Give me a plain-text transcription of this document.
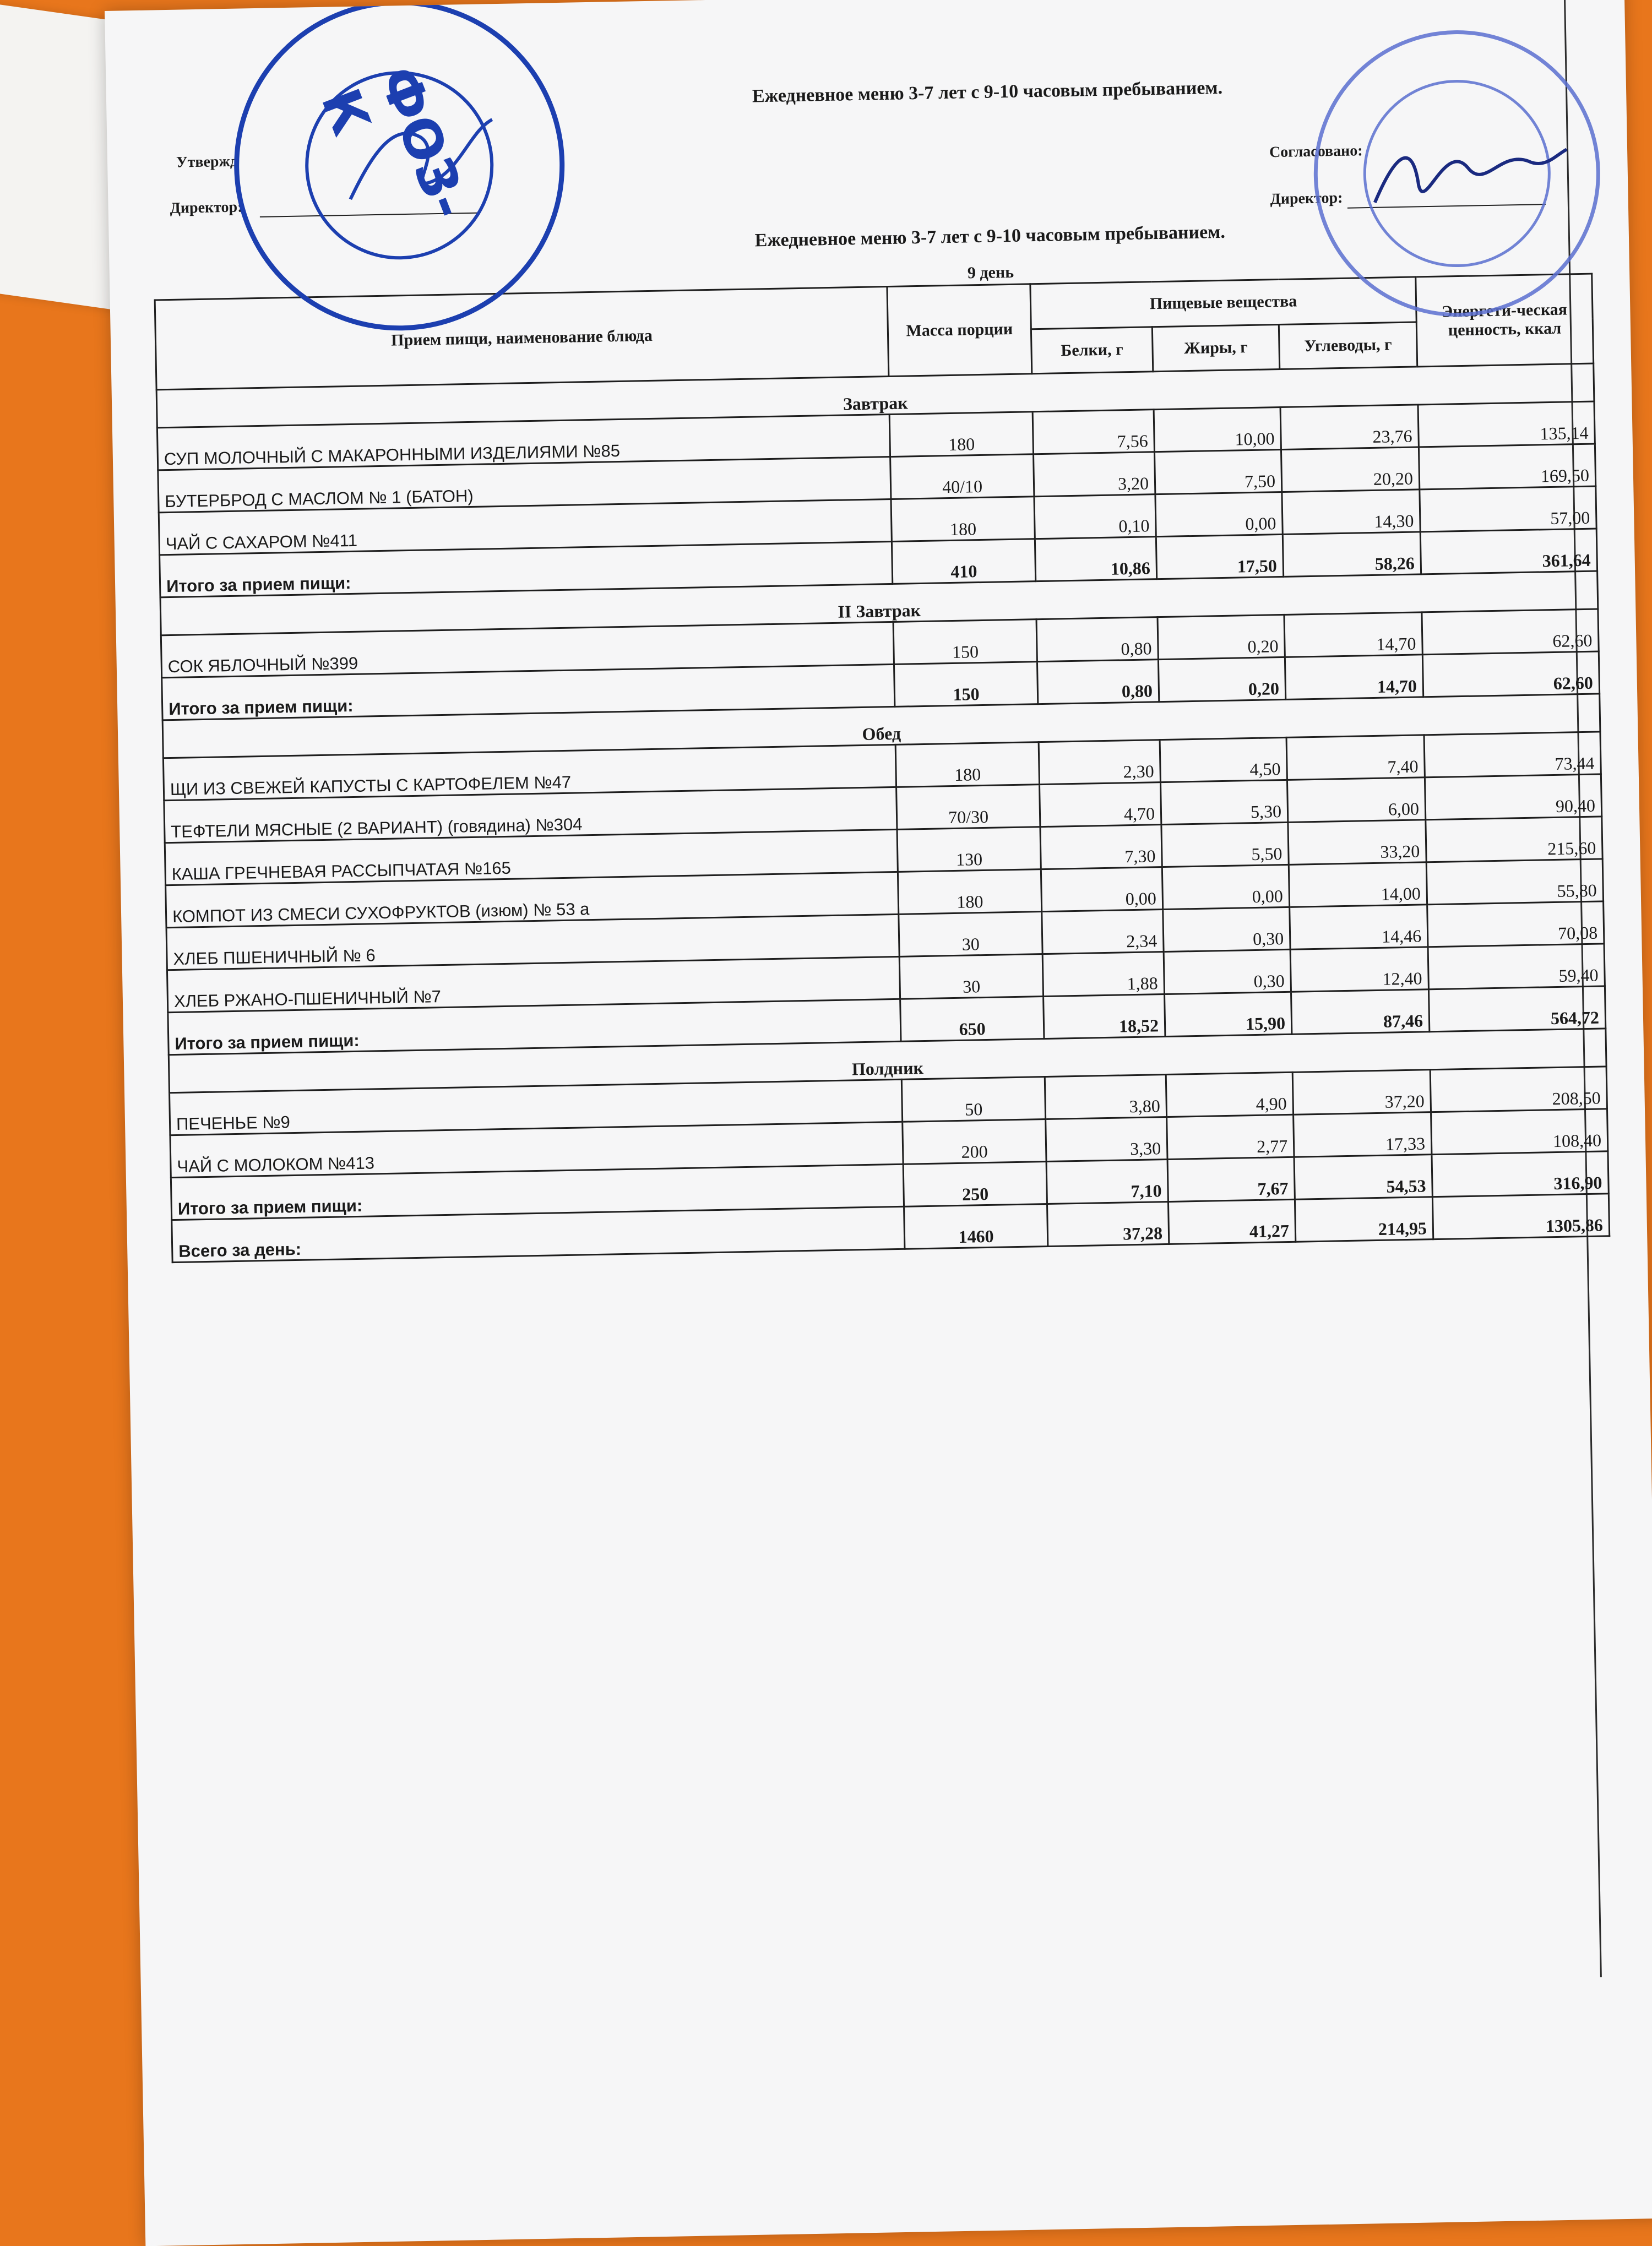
Ежедневное меню 3-7 лет с 9-10 часовым пребыванием.
Утвержд
Директор:
Согласовано:
Директор:
Ежедневное меню 3-7 лет с 9-10 часовым пребыванием.
9 день
Прием пищи, наименование блюда	Масса порции	Пищевые вещества			Энергети-ческая ценность, ккал
		Белки, г	Жиры, г	Углеводы, г	
Завтрак					
СУП МОЛОЧНЫЙ С МАКАРОННЫМИ ИЗДЕЛИЯМИ №85	180	7,56	10,00	23,76	135,14
БУТЕРБРОД С МАСЛОМ № 1 (БАТОН)	40/10	3,20	7,50	20,20	169,50
ЧАЙ С САХАРОМ №411	180	0,10	0,00	14,30	57,00
Итого за прием пищи:	410	10,86	17,50	58,26	361,64
II Завтрак					
СОК ЯБЛОЧНЫЙ №399	150	0,80	0,20	14,70	62,60
Итого за прием пищи:	150	0,80	0,20	14,70	62,60
Обед					
ЩИ ИЗ СВЕЖЕЙ КАПУСТЫ С КАРТОФЕЛЕМ №47	180	2,30	4,50	7,40	73,44
ТЕФТЕЛИ МЯСНЫЕ (2 ВАРИАНТ) (говядина) №304	70/30	4,70	5,30	6,00	90,40
КАША ГРЕЧНЕВАЯ РАССЫПЧАТАЯ №165	130	7,30	5,50	33,20	215,60
КОМПОТ ИЗ СМЕСИ СУХОФРУКТОВ (изюм) № 53 а	180	0,00	0,00	14,00	55,80
ХЛЕБ ПШЕНИЧНЫЙ № 6	30	2,34	0,30	14,46	70,08
ХЛЕБ РЖАНО-ПШЕНИЧНЫЙ №7	30	1,88	0,30	12,40	59,40
Итого за прием пищи:	650	18,52	15,90	87,46	564,72
Полдник					
ПЕЧЕНЬЕ №9	50	3,80	4,90	37,20	208,50
ЧАЙ С МОЛОКОМ №413	200	3,30	2,77	17,33	108,40
Итого за прием пищи:	250	7,10	7,67	54,53	316,90
Всего за день:	1460	37,28	41,27	214,95	1305,86
ФОЗ-К
